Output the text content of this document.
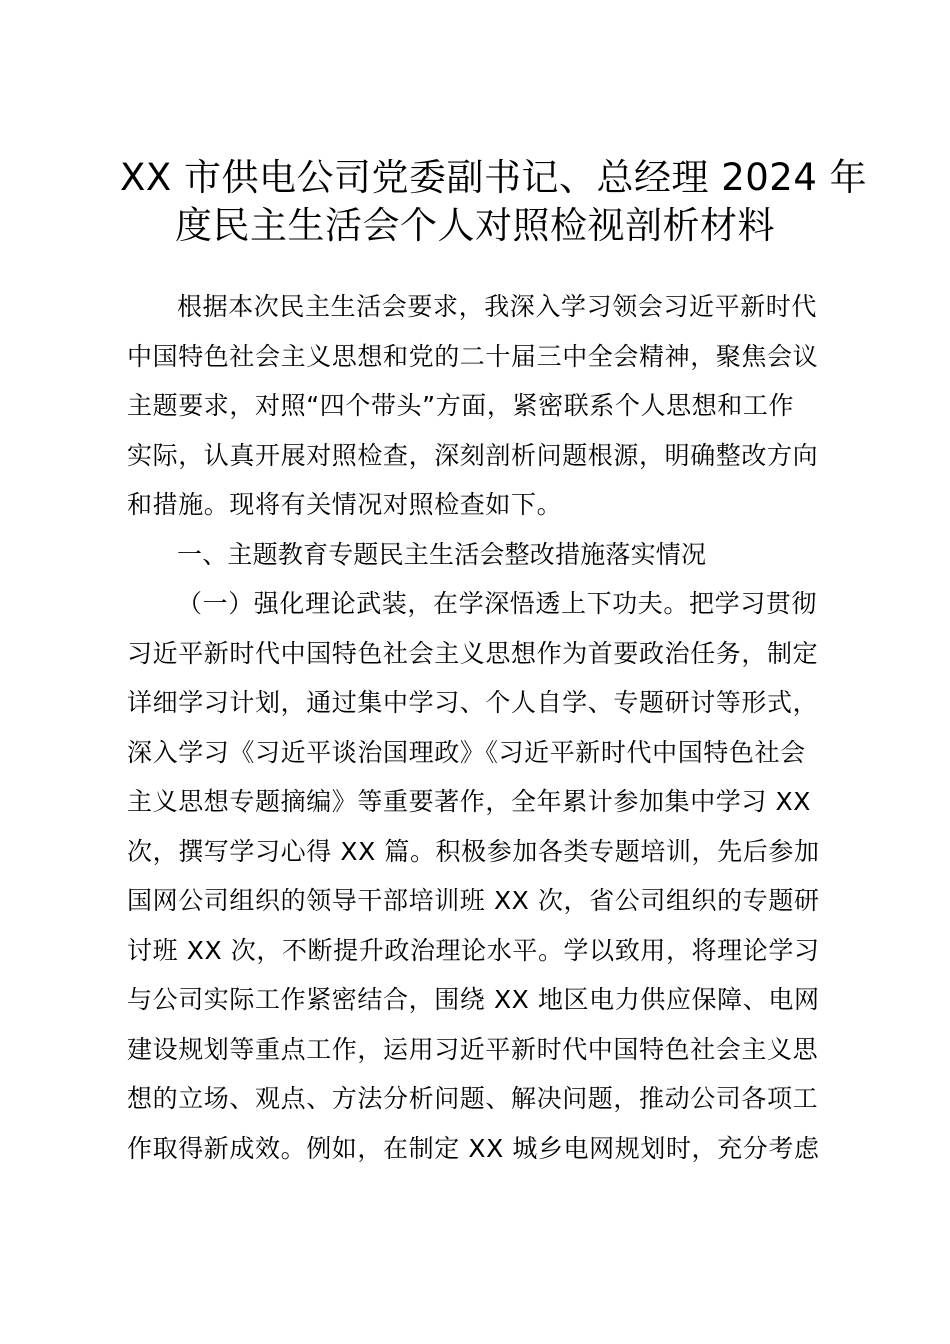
XX 市供电公司党委副书记、总经理 2024 年
度民主生活会个人对照检视剖析材料
根据本次民主生活会要求，我深入学习领会习近平新时代
中国特色社会主义思想和党的二十届三中全会精神，聚焦会议
主题要求，对照“四个带头”方面，紧密联系个人思想和工作
实际，认真开展对照检查，深刻剖析问题根源，明确整改方向
和措施。现将有关情况对照检查如下。
一、主题教育专题民主生活会整改措施落实情况
（一）强化理论武装，在学深悟透上下功夫。把学习贯彻
习近平新时代中国特色社会主义思想作为首要政治任务，制定
详细学习计划，通过集中学习、个人自学、专题研讨等形式，
深入学习《习近平谈治国理政》《习近平新时代中国特色社会
主义思想专题摘编》等重要著作，全年累计参加集中学习 XX
次，撰写学习心得 XX 篇。积极参加各类专题培训，先后参加
国网公司组织的领导干部培训班 XX 次，省公司组织的专题研
讨班 XX 次，不断提升政治理论水平。学以致用，将理论学习
与公司实际工作紧密结合，围绕 XX 地区电力供应保障、电网
建设规划等重点工作，运用习近平新时代中国特色社会主义思
想的立场、观点、方法分析问题、解决问题，推动公司各项工
作取得新成效。例如，在制定 XX 城乡电网规划时，充分考虑
